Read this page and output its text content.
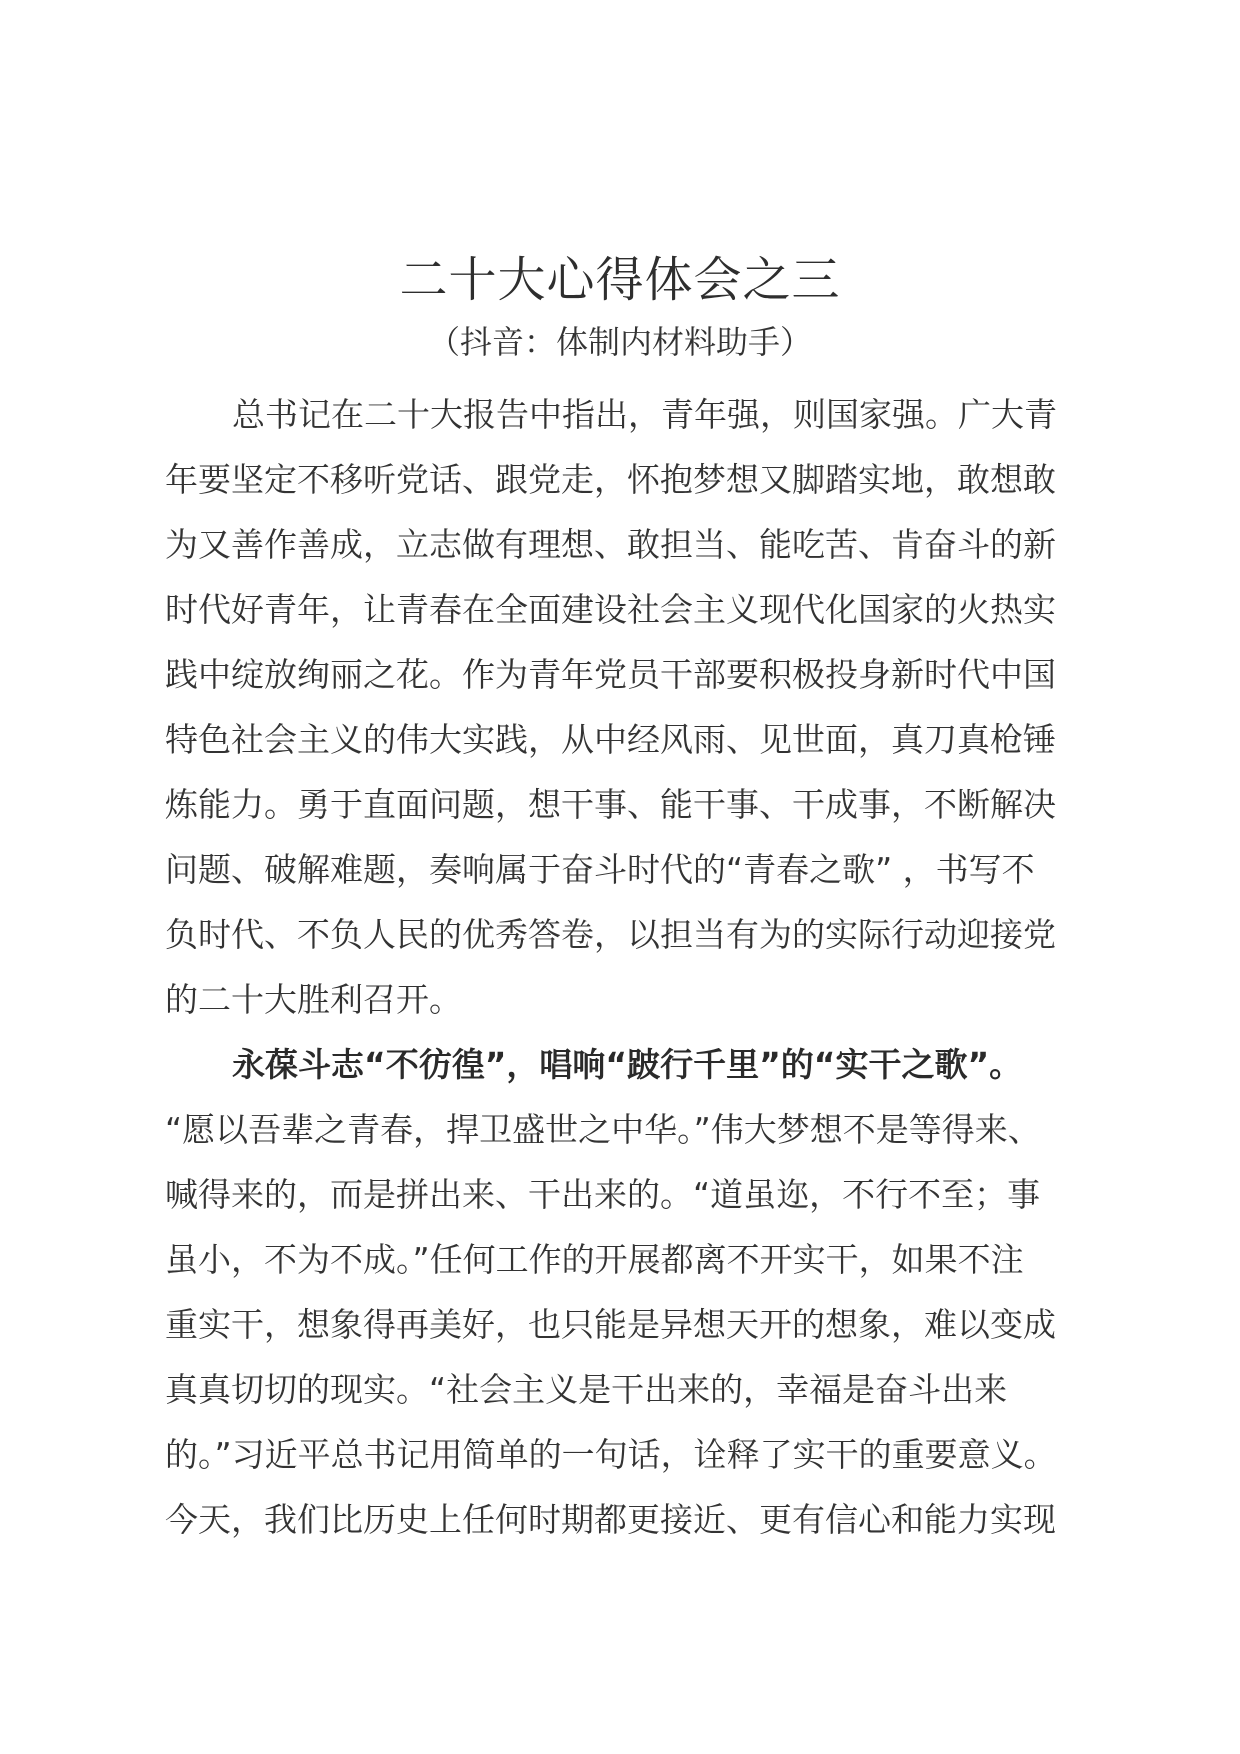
二十大心得体会之三
（抖音：体制内材料助手）
总书记在二十大报告中指出，青年强，则国家强。广大青
年要坚定不移听党话、跟党走，怀抱梦想又脚踏实地，敢想敢
为又善作善成，立志做有理想、敢担当、能吃苦、肯奋斗的新
时代好青年，让青春在全面建设社会主义现代化国家的火热实
践中绽放绚丽之花。作为青年党员干部要积极投身新时代中国
特色社会主义的伟大实践，从中经风雨、见世面，真刀真枪锤
炼能力。勇于直面问题，想干事、能干事、干成事，不断解决
问题、破解难题，奏响属于奋斗时代的“青春之歌” ，书写不
负时代、不负人民的优秀答卷，以担当有为的实际行动迎接党
的二十大胜利召开。
永葆斗志“不彷徨”，唱响“跛行千里”的“实干之歌”。
“愿以吾辈之青春，捍卫盛世之中华。”伟大梦想不是等得来、
喊得来的，而是拼出来、干出来的。“道虽迩，不行不至；事
虽小，不为不成。”任何工作的开展都离不开实干，如果不注
重实干，想象得再美好，也只能是异想天开的想象，难以变成
真真切切的现实。“社会主义是干出来的，幸福是奋斗出来
的。”习近平总书记用简单的一句话，诠释了实干的重要意义。
今天，我们比历史上任何时期都更接近、更有信心和能力实现
